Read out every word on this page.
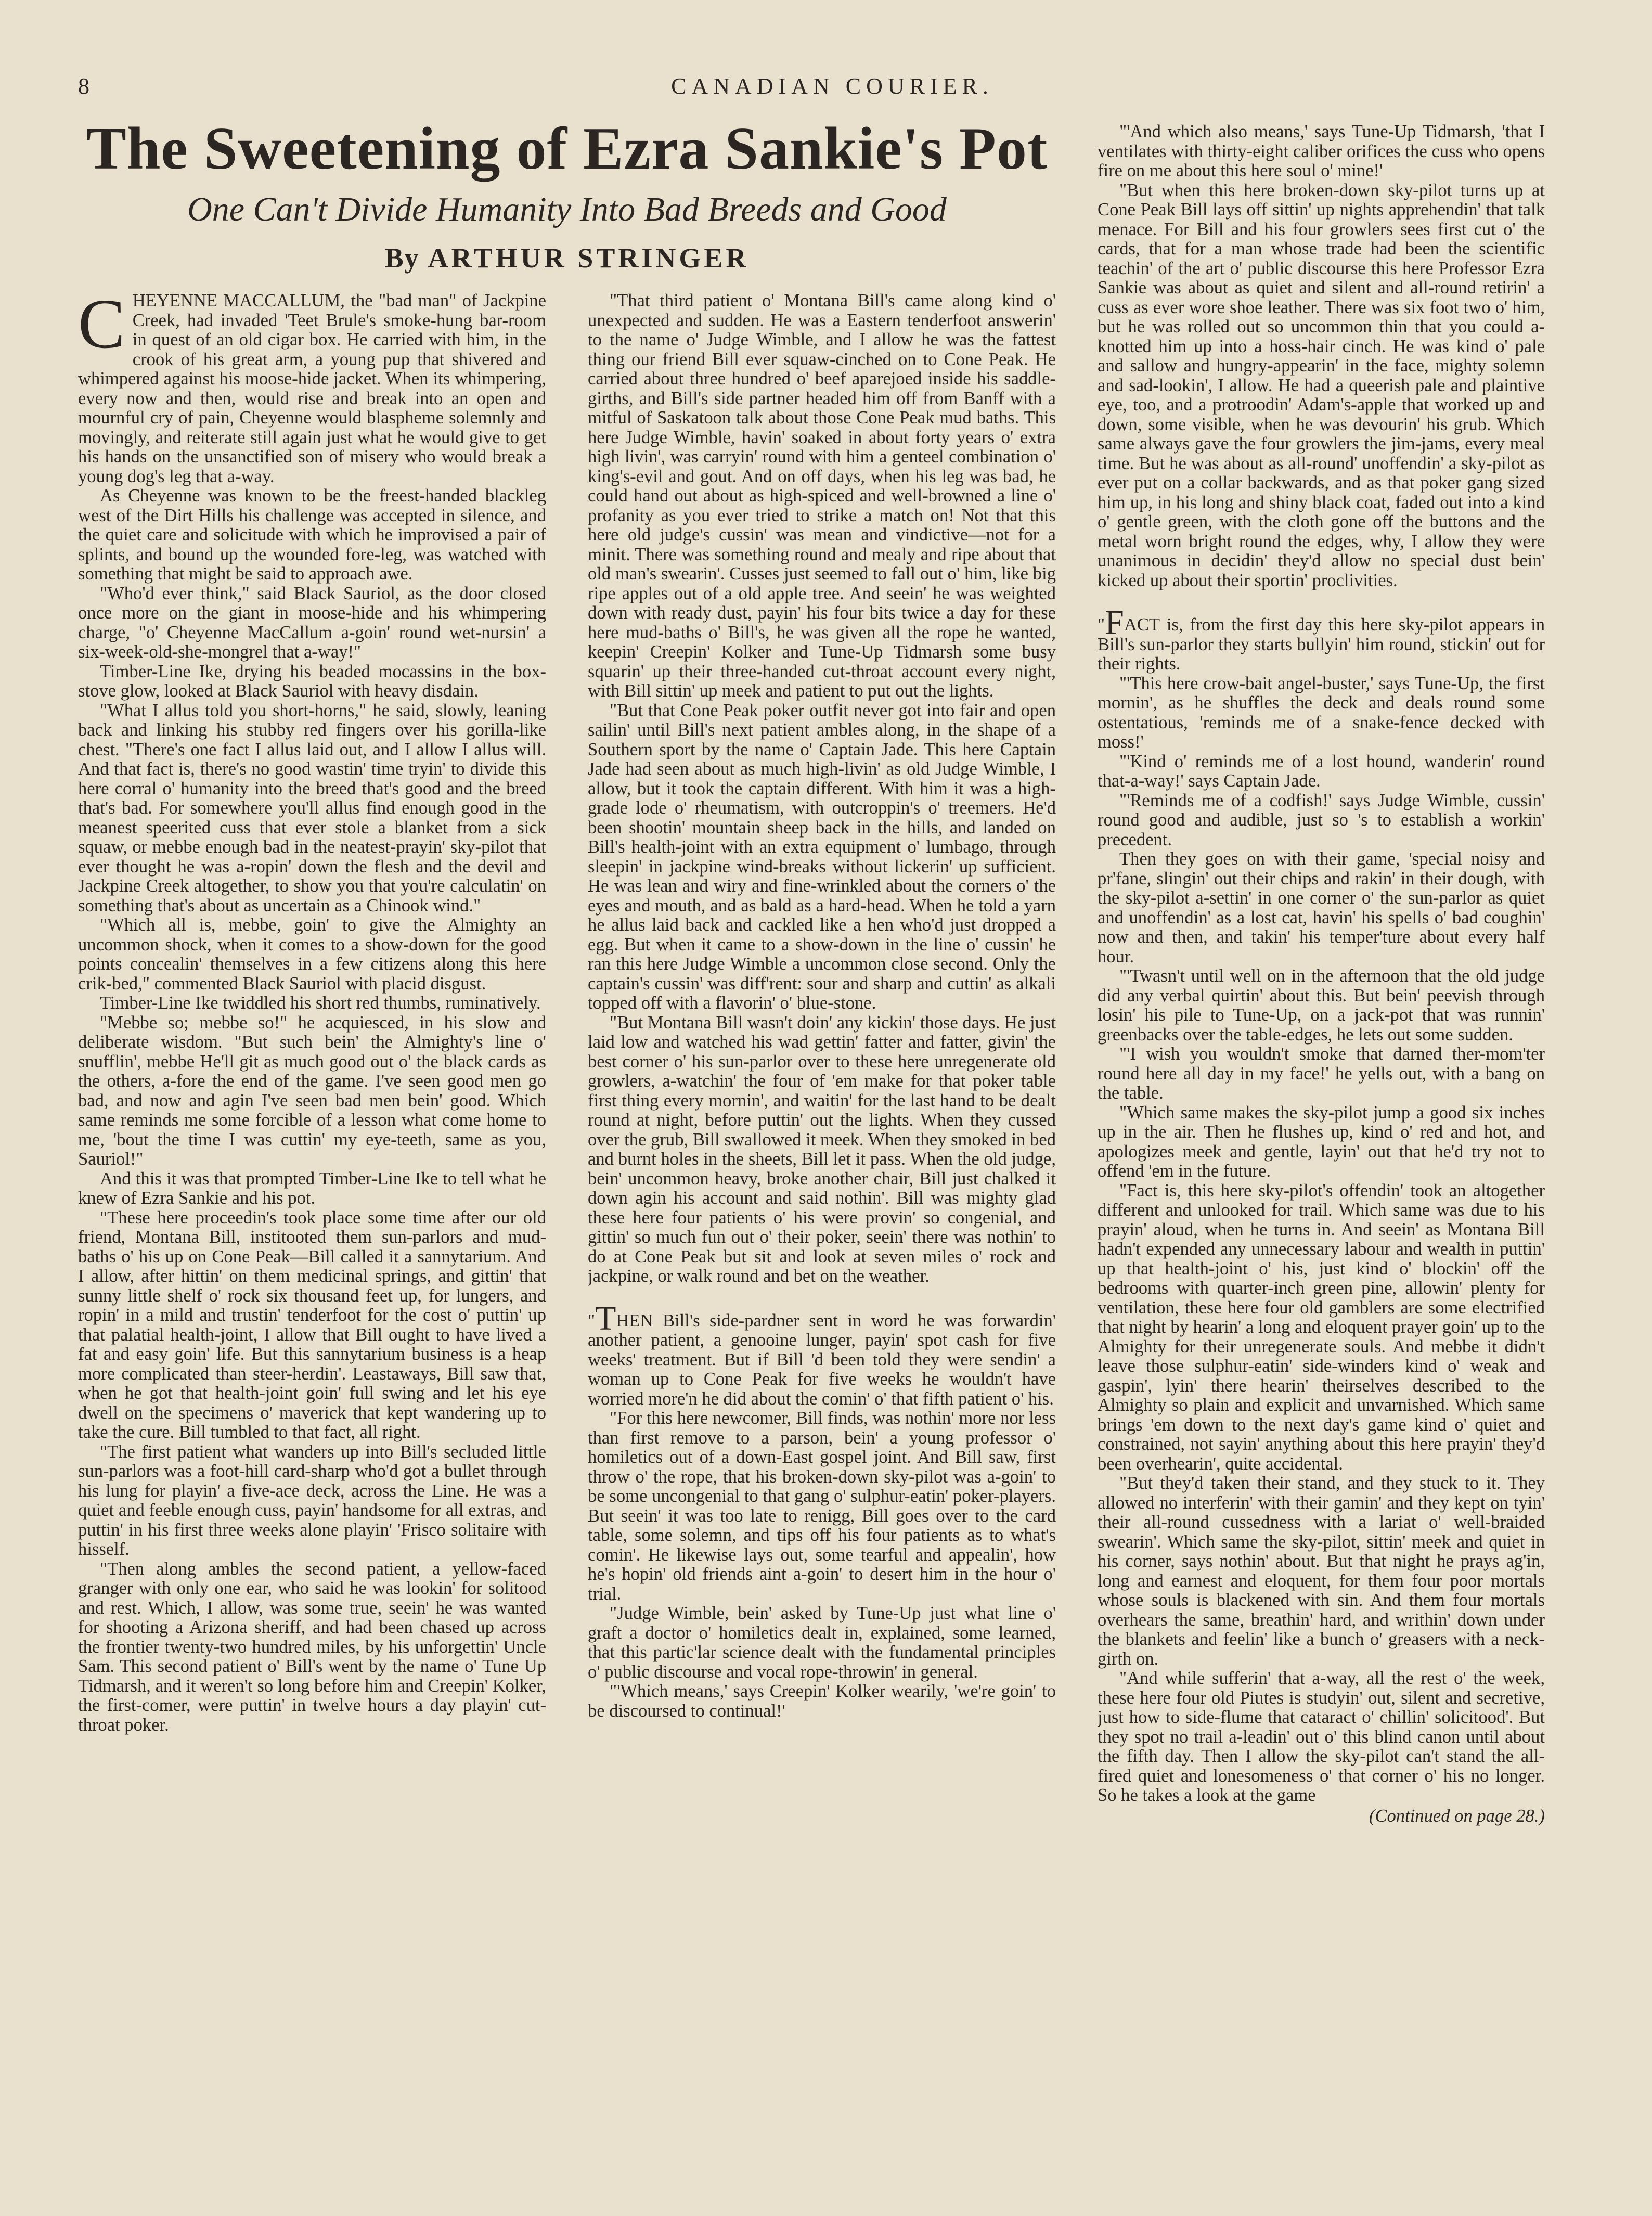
8	CANADIAN COURIER.
The Sweetening of Ezra Sankie's Pot
One Can't Divide Humanity Into Bad Breeds and Good
By ARTHUR STRINGER

CHEYENNE MACCALLUM, the "bad man" of Jackpine Creek, had invaded 'Teet Brule's smoke-hung bar-room in quest of an old cigar box. He carried with him, in the crook of his great arm, a young pup that shivered and whimpered against his moose-hide jacket. When its whimpering, every now and then, would rise and break into an open and mournful cry of pain, Cheyenne would blaspheme solemnly and movingly, and reiterate still again just what he would give to get his hands on the unsanctified son of misery who would break a young dog's leg that a-way.

As Cheyenne was known to be the freest-handed blackleg west of the Dirt Hills his challenge was accepted in silence, and the quiet care and solicitude with which he improvised a pair of splints, and bound up the wounded fore-leg, was watched with something that might be said to approach awe.

"Who'd ever think," said Black Sauriol, as the door closed once more on the giant in moose-hide and his whimpering charge, "o' Cheyenne MacCallum a-goin' round wet-nursin' a six-week-old-she-mongrel that a-way!"

Timber-Line Ike, drying his beaded mocassins in the box-stove glow, looked at Black Sauriol with heavy disdain.

"What I allus told you short-horns," he said, slowly, leaning back and linking his stubby red fingers over his gorilla-like chest. "There's one fact I allus laid out, and I allow I allus will. And that fact is, there's no good wastin' time tryin' to divide this here corral o' humanity into the breed that's good and the breed that's bad. For somewhere you'll allus find enough good in the meanest speerited cuss that ever stole a blanket from a sick squaw, or mebbe enough bad in the neatest-prayin' sky-pilot that ever thought he was a-ropin' down the flesh and the devil and Jackpine Creek altogether, to show you that you're calculatin' on something that's about as uncertain as a Chinook wind."

"Which all is, mebbe, goin' to give the Almighty an uncommon shock, when it comes to a show-down for the good points concealin' themselves in a few citizens along this here crik-bed," commented Black Sauriol with placid disgust.

Timber-Line Ike twiddled his short red thumbs, ruminatively.

"Mebbe so; mebbe so!" he acquiesced, in his slow and deliberate wisdom. "But such bein' the Almighty's line o' snufflin', mebbe He'll git as much good out o' the black cards as the others, a-fore the end of the game. I've seen good men go bad, and now and agin I've seen bad men bein' good. Which same reminds me some forcible of a lesson what come home to me, 'bout the time I was cuttin' my eye-teeth, same as you, Sauriol!"

And this it was that prompted Timber-Line Ike to tell what he knew of Ezra Sankie and his pot.

"These here proceedin's took place some time after our old friend, Montana Bill, institooted them sun-parlors and mud-baths o' his up on Cone Peak—Bill called it a sannytarium. And I allow, after hittin' on them medicinal springs, and gittin' that sunny little shelf o' rock six thousand feet up, for lungers, and ropin' in a mild and trustin' tenderfoot for the cost o' puttin' up that palatial health-joint, I allow that Bill ought to have lived a fat and easy goin' life. But this sannytarium business is a heap more complicated than steer-herdin'. Leastaways, Bill saw that, when he got that health-joint goin' full swing and let his eye dwell on the specimens o' maverick that kept wandering up to take the cure. Bill tumbled to that fact, all right.

"The first patient what wanders up into Bill's secluded little sun-parlors was a foot-hill card-sharp who'd got a bullet through his lung for playin' a five-ace deck, across the Line. He was a quiet and feeble enough cuss, payin' handsome for all extras, and puttin' in his first three weeks alone playin' 'Frisco solitaire with hisself.

"Then along ambles the second patient, a yellow-faced granger with only one ear, who said he was lookin' for solitood and rest. Which, I allow, was some true, seein' he was wanted for shooting a Arizona sheriff, and had been chased up across the frontier twenty-two hundred miles, by his unforgettin' Uncle Sam. This second patient o' Bill's went by the name o' Tune Up Tidmarsh, and it weren't so long before him and Creepin' Kolker, the first-comer, were puttin' in twelve hours a day playin' cut-throat poker.

"That third patient o' Montana Bill's came along kind o' unexpected and sudden. He was a Eastern tenderfoot answerin' to the name o' Judge Wimble, and I allow he was the fattest thing our friend Bill ever squaw-cinched on to Cone Peak. He carried about three hundred o' beef aparejoed inside his saddle-girths, and Bill's side partner headed him off from Banff with a mitful of Saskatoon talk about those Cone Peak mud baths. This here Judge Wimble, havin' soaked in about forty years o' extra high livin', was carryin' round with him a genteel combination o' king's-evil and gout. And on off days, when his leg was bad, he could hand out about as high-spiced and well-browned a line o' profanity as you ever tried to strike a match on! Not that this here old judge's cussin' was mean and vindictive—not for a minit. There was something round and mealy and ripe about that old man's swearin'. Cusses just seemed to fall out o' him, like big ripe apples out of a old apple tree. And seein' he was weighted down with ready dust, payin' his four bits twice a day for these here mud-baths o' Bill's, he was given all the rope he wanted, keepin' Creepin' Kolker and Tune-Up Tidmarsh some busy squarin' up their three-handed cut-throat account every night, with Bill sittin' up meek and patient to put out the lights.

"But that Cone Peak poker outfit never got into fair and open sailin' until Bill's next patient ambles along, in the shape of a Southern sport by the name o' Captain Jade. This here Captain Jade had seen about as much high-livin' as old Judge Wimble, I allow, but it took the captain different. With him it was a high-grade lode o' rheumatism, with outcroppin's o' treemers. He'd been shootin' mountain sheep back in the hills, and landed on Bill's health-joint with an extra equipment o' lumbago, through sleepin' in jackpine wind-breaks without lickerin' up sufficient. He was lean and wiry and fine-wrinkled about the corners o' the eyes and mouth, and as bald as a hard-head. When he told a yarn he allus laid back and cackled like a hen who'd just dropped a egg. But when it came to a show-down in the line o' cussin' he ran this here Judge Wimble a uncommon close second. Only the captain's cussin' was diff'rent: sour and sharp and cuttin' as alkali topped off with a flavorin' o' blue-stone.

"But Montana Bill wasn't doin' any kickin' those days. He just laid low and watched his wad gettin' fatter and fatter, givin' the best corner o' his sun-parlor over to these here unregenerate old growlers, a-watchin' the four of 'em make for that poker table first thing every mornin', and waitin' for the last hand to be dealt round at night, before puttin' out the lights. When they cussed over the grub, Bill swallowed it meek. When they smoked in bed and burnt holes in the sheets, Bill let it pass. When the old judge, bein' uncommon heavy, broke another chair, Bill just chalked it down agin his account and said nothin'. Bill was mighty glad these here four patients o' his were provin' so congenial, and gittin' so much fun out o' their poker, seein' there was nothin' to do at Cone Peak but sit and look at seven miles o' rock and jackpine, or walk round and bet on the weather.

"THEN Bill's side-pardner sent in word he was forwardin' another patient, a genooine lunger, payin' spot cash for five weeks' treatment. But if Bill 'd been told they were sendin' a woman up to Cone Peak for five weeks he wouldn't have worried more'n he did about the comin' o' that fifth patient o' his.

"For this here newcomer, Bill finds, was nothin' more nor less than first remove to a parson, bein' a young professor o' homiletics out of a down-East gospel joint. And Bill saw, first throw o' the rope, that his broken-down sky-pilot was a-goin' to be some uncongenial to that gang o' sulphur-eatin' poker-players. But seein' it was too late to renigg, Bill goes over to the card table, some solemn, and tips off his four patients as to what's comin'. He likewise lays out, some tearful and appealin', how he's hopin' old friends aint a-goin' to desert him in the hour o' trial.

"Judge Wimble, bein' asked by Tune-Up just what line o' graft a doctor o' homiletics dealt in, explained, some learned, that this partic'lar science dealt with the fundamental principles o' public discourse and vocal rope-throwin' in general.

"'Which means,' says Creepin' Kolker wearily, 'we're goin' to be discoursed to continual!'

"'And which also means,' says Tune-Up Tidmarsh, 'that I ventilates with thirty-eight caliber orifices the cuss who opens fire on me about this here soul o' mine!'

"But when this here broken-down sky-pilot turns up at Cone Peak Bill lays off sittin' up nights apprehendin' that talk menace. For Bill and his four growlers sees first cut o' the cards, that for a man whose trade had been the scientific teachin' of the art o' public discourse this here Professor Ezra Sankie was about as quiet and silent and all-round retirin' a cuss as ever wore shoe leather. There was six foot two o' him, but he was rolled out so uncommon thin that you could a-knotted him up into a hoss-hair cinch. He was kind o' pale and sallow and hungry-appearin' in the face, mighty solemn and sad-lookin', I allow. He had a queerish pale and plaintive eye, too, and a protroodin' Adam's-apple that worked up and down, some visible, when he was devourin' his grub. Which same always gave the four growlers the jim-jams, every meal time. But he was about as all-round' unoffendin' a sky-pilot as ever put on a collar backwards, and as that poker gang sized him up, in his long and shiny black coat, faded out into a kind o' gentle green, with the cloth gone off the buttons and the metal worn bright round the edges, why, I allow they were unanimous in decidin' they'd allow no special dust bein' kicked up about their sportin' proclivities.

"FACT is, from the first day this here sky-pilot appears in Bill's sun-parlor they starts bullyin' him round, stickin' out for their rights.

"'This here crow-bait angel-buster,' says Tune-Up, the first mornin', as he shuffles the deck and deals round some ostentatious, 'reminds me of a snake-fence decked with moss!'

"'Kind o' reminds me of a lost hound, wanderin' round that-a-way!' says Captain Jade.

"'Reminds me of a codfish!' says Judge Wimble, cussin' round good and audible, just so 's to establish a workin' precedent.

Then they goes on with their game, 'special noisy and pr'fane, slingin' out their chips and rakin' in their dough, with the sky-pilot a-settin' in one corner o' the sun-parlor as quiet and unoffendin' as a lost cat, havin' his spells o' bad coughin' now and then, and takin' his temper'ture about every half hour.

"'Twasn't until well on in the afternoon that the old judge did any verbal quirtin' about this. But bein' peevish through losin' his pile to Tune-Up, on a jack-pot that was runnin' greenbacks over the table-edges, he lets out some sudden.

"'I wish you wouldn't smoke that darned ther-mom'ter round here all day in my face!' he yells out, with a bang on the table.

"Which same makes the sky-pilot jump a good six inches up in the air. Then he flushes up, kind o' red and hot, and apologizes meek and gentle, layin' out that he'd try not to offend 'em in the future.

"Fact is, this here sky-pilot's offendin' took an altogether different and unlooked for trail. Which same was due to his prayin' aloud, when he turns in. And seein' as Montana Bill hadn't expended any unnecessary labour and wealth in puttin' up that health-joint o' his, just kind o' blockin' off the bedrooms with quarter-inch green pine, allowin' plenty for ventilation, these here four old gamblers are some electrified that night by hearin' a long and eloquent prayer goin' up to the Almighty for their unregenerate souls. And mebbe it didn't leave those sulphur-eatin' side-winders kind o' weak and gaspin', lyin' there hearin' theirselves described to the Almighty so plain and explicit and unvarnished. Which same brings 'em down to the next day's game kind o' quiet and constrained, not sayin' anything about this here prayin' they'd been overhearin', quite accidental.

"But they'd taken their stand, and they stuck to it. They allowed no interferin' with their gamin' and they kept on tyin' their all-round cussedness with a lariat o' well-braided swearin'. Which same the sky-pilot, sittin' meek and quiet in his corner, says nothin' about. But that night he prays ag'in, long and earnest and eloquent, for them four poor mortals whose souls is blackened with sin. And them four mortals overhears the same, breathin' hard, and writhin' down under the blankets and feelin' like a bunch o' greasers with a neck-girth on.

"And while sufferin' that a-way, all the rest o' the week, these here four old Piutes is studyin' out, silent and secretive, just how to side-flume that cataract o' chillin' solicitood'. But they spot no trail a-leadin' out o' this blind canon until about the fifth day. Then I allow the sky-pilot can't stand the all-fired quiet and lonesomeness o' that corner o' his no longer. So he takes a look at the game

(Continued on page 28.)
